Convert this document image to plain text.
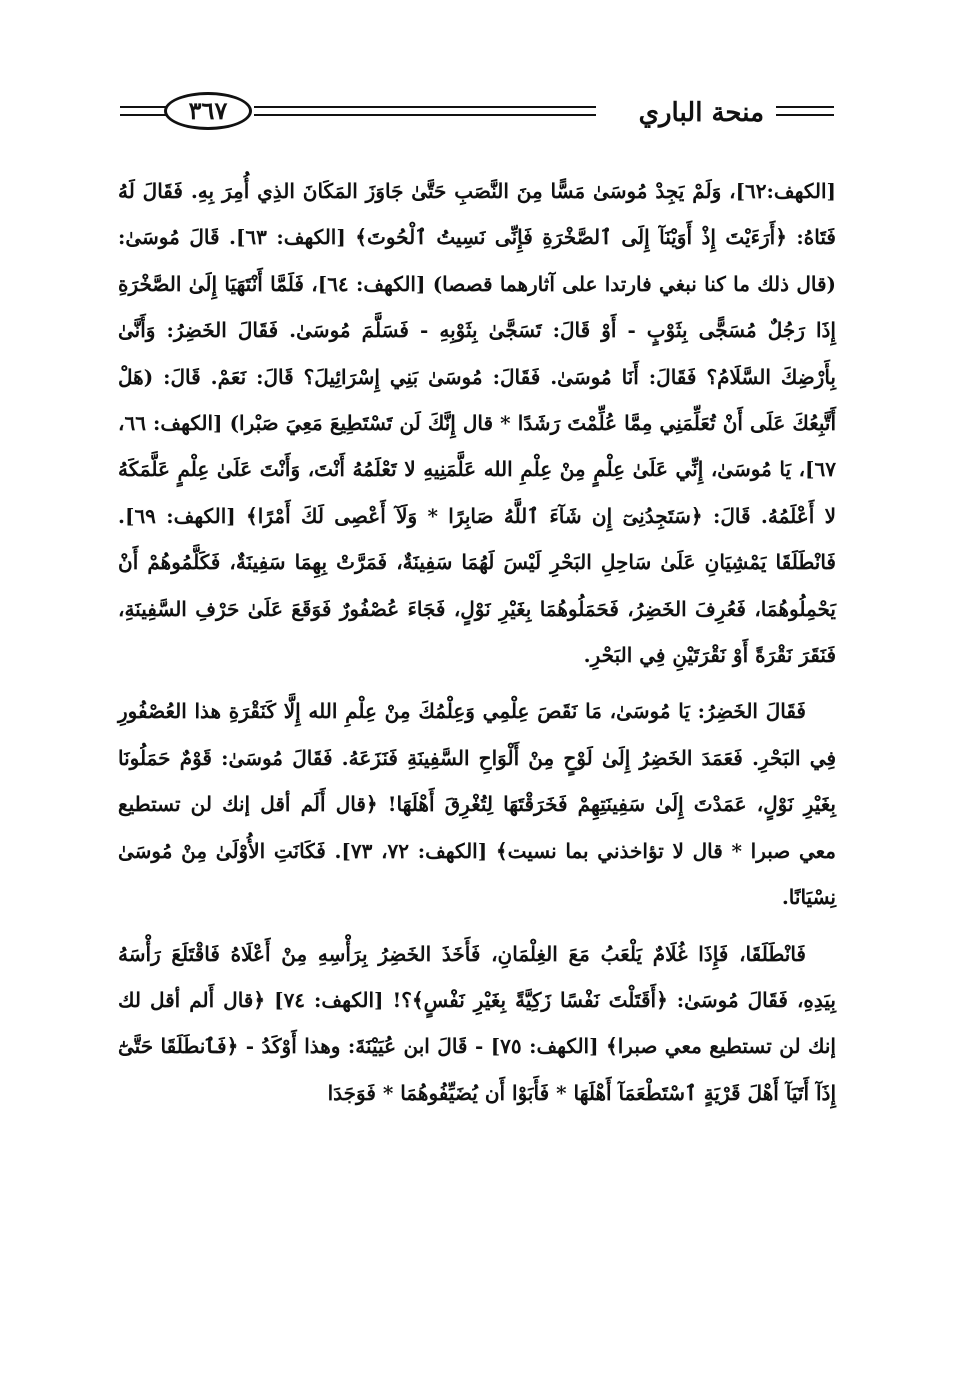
منحة الباري
٣٦٧

[الكهف:٦٢]، وَلَمْ يَجِدْ مُوسَىٰ مَسًّا مِنَ النَّصَبِ حَتَّىٰ جَاوَزَ المَكَانَ الذِي أُمِرَ بِهِ. فَقَالَ لَهُ فَتَاهُ: ﴿أَرَءَيْتَ إِذْ أَوَيْنَآ إِلَى ٱلصَّخْرَةِ فَإِنِّى نَسِيتُ ٱلْحُوتَ﴾ [الكهف: ٦٣]. قَالَ مُوسَىٰ: (قال ذلك ما كنا نبغي فارتدا على آثارهما قصصا) [الكهف: ٦٤]، فَلَمَّا أَنْتَهَيَا إِلَىٰ الصَّخْرَةِ إِذَا رَجُلٌ مُسَجًّى بِثَوْبٍ - أَوْ قَالَ: تَسَجَّىٰ بِثَوْبِهِ - فَسَلَّمَ مُوسَىٰ. فَقَالَ الخَضِرُ: وَأَنَّىٰ بِأَرْضِكَ السَّلَامُ؟ فَقَالَ: أَنَا مُوسَىٰ. فَقَالَ: مُوسَىٰ بَنِي إِسْرَائِيلَ؟ قَالَ: نَعَمْ. قَالَ: (هَلْ أَتَّبِعُكَ عَلَى أَنْ تُعَلِّمَنِي مِمَّا عُلِّمْتَ رَشَدًا * قال إِنَّكَ لَن تَسْتَطِيعَ مَعِيَ صَبْرا) [الكهف: ٦٦، ٦٧]، يَا مُوسَىٰ، إِنِّي عَلَىٰ عِلْمٍ مِنْ عِلْمِ الله عَلَّمَنِيهِ لا تَعْلَمُهُ أَنْتَ، وَأَنْتَ عَلَىٰ عِلْمٍ عَلَّمَكَهُ لا أَعْلَمُهُ. قَالَ: ﴿سَتَجِدُنِىٓ إِن شَآءَ ٱللَّهُ صَابِرًا * وَلَآ أَعْصِى لَكَ أَمْرًا﴾ [الكهف: ٦٩]. فَانْطَلَقَا يَمْشِيَانِ عَلَىٰ سَاحِلِ البَحْرِ لَيْسَ لَهُمَا سَفِينَةٌ، فَمَرَّتْ بِهِمَا سَفِينَةٌ، فَكَلَّمُوهُمْ أَنْ يَحْمِلُوهُمَا، فَعُرِفَ الخَضِرُ، فَحَمَلُوهُمَا بِغَيْرِ نَوْلٍ، فَجَاءَ عُصْفُورٌ فَوَقَعَ عَلَىٰ حَرْفِ السَّفِينَةِ، فَنَقَرَ نَقْرَةً أَوْ نَقْرَتَيْنِ فِي البَحْرِ.

فَقَالَ الخَضِرُ: يَا مُوسَىٰ، مَا نَقَصَ عِلْمِي وَعِلْمُكَ مِنْ عِلْمِ الله إِلَّا كَنَقْرَةِ هذا العُصْفُورِ فِي البَحْرِ. فَعَمَدَ الخَضِرُ إِلَىٰ لَوْحٍ مِنْ أَلْوَاحِ السَّفِينَةِ فَنَزَعَهُ. فَقَالَ مُوسَىٰ: قَوْمٌ حَمَلُونَا بِغَيْرِ نَوْلٍ، عَمَدْتَ إِلَىٰ سَفِينَتِهِمْ فَخَرَقْتَهَا لِتُغْرِقَ أَهْلَهَا! ﴿قال أَلَم أقل إنك لن تستطيع معي صبرا * قال لا تؤاخذني بما نسيت﴾ [الكهف: ٧٢، ٧٣]. فَكَانَتِ الأُوْلَىٰ مِنْ مُوسَىٰ نِسْيَانًا.

فَانْطَلَقَا، فَإِذَا غُلَامٌ يَلْعَبُ مَعَ الغِلْمَانِ، فَأَخَذَ الخَضِرُ بِرَأْسِهِ مِنْ أَعْلَاهُ فَاقْتَلَعَ رَأْسَهُ بِيَدِهِ، فَقَالَ مُوسَىٰ: ﴿أَقَتَلْتَ نَفْسًا زَكِيَّةً بِغَيْرِ نَفْسٍ﴾؟! [الكهف: ٧٤] ﴿قال أَلم أقل لك إنك لن تستطيع معي صبرا﴾ [الكهف: ٧٥] - قَالَ ابن عُيَيْنَةَ: وهذا أَوْكَدُ - ﴿فَٱنطَلَقَا حَتَّىٰٓ إِذَآ أَتَيَآ أَهْلَ قَرْيَةٍ ٱسْتَطْعَمَآ أَهْلَهَا * فَأَبَوْا أَن يُضَيِّفُوهُمَا * فَوَجَدَا
